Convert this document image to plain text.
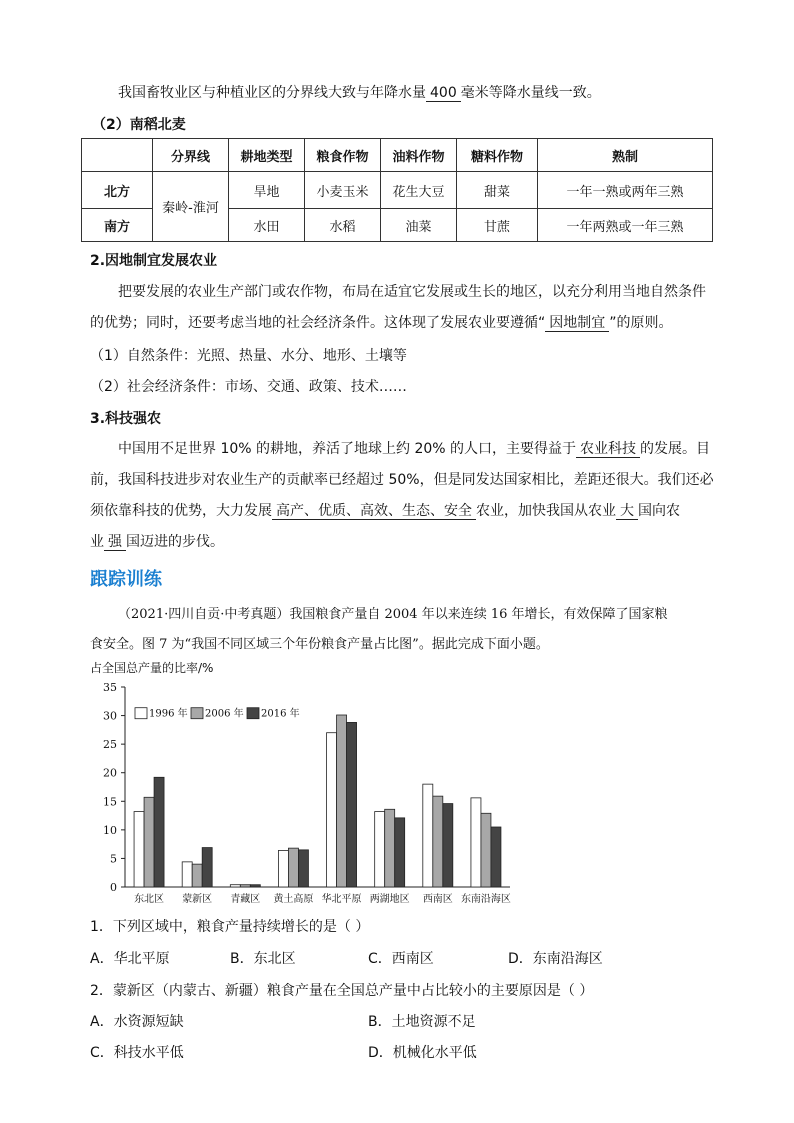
我国畜牧业区与种植业区的分界线大致与年降水量 400 毫米等降水量线一致。
（2）南稻北麦
	分界线	耕地类型	粮食作物	油料作物	糖料作物	熟制
北方	秦岭-淮河	旱地	小麦玉米	花生大豆	甜菜	一年一熟或两年三熟
南方		水田	水稻	油菜	甘蔗	一年两熟或一年三熟
2.因地制宜发展农业
把要发展的农业生产部门或农作物，布局在适宜它发展或生长的地区，以充分利用当地自然条件
的优势；同时，还要考虑当地的社会经济条件。这体现了发展农业要遵循“ 因地制宜 ”的原则。
（1）自然条件：光照、热量、水分、地形、土壤等
（2）社会经济条件：市场、交通、政策、技术……
3.科技强农
中国用不足世界 10% 的耕地，养活了地球上约 20% 的人口，主要得益于 农业科技 的发展。目
前，我国科技进步对农业生产的贡献率已经超过 50%，但是同发达国家相比，差距还很大。我们还必
须依靠科技的优势，大力发展 高产、优质、高效、生态、安全 农业，加快我国从农业 大 国向农
业 强 国迈进的步伐。
跟踪训练
（2021·四川自贡·中考真题）我国粮食产量自 2004 年以来连续 16 年增长，有效保障了国家粮
食安全。图 7 为“我国不同区域三个年份粮食产量占比图”。据此完成下面小题。
占全国总产量的比率/%
0
5
10
15
20
25
30
35
东北区 蒙新区 青藏区 黄土高原 华北平原 两湖地区 西南区 东南沿海区
1996 年 2006 年 2016 年
1．下列区域中，粮食产量持续增长的是（ ）
A．华北平原	B．东北区	C．西南区	D．东南沿海区
2．蒙新区（内蒙古、新疆）粮食产量在全国总产量中占比较小的主要原因是（ ）
A．水资源短缺	B．土地资源不足
C．科技水平低	D．机械化水平低
